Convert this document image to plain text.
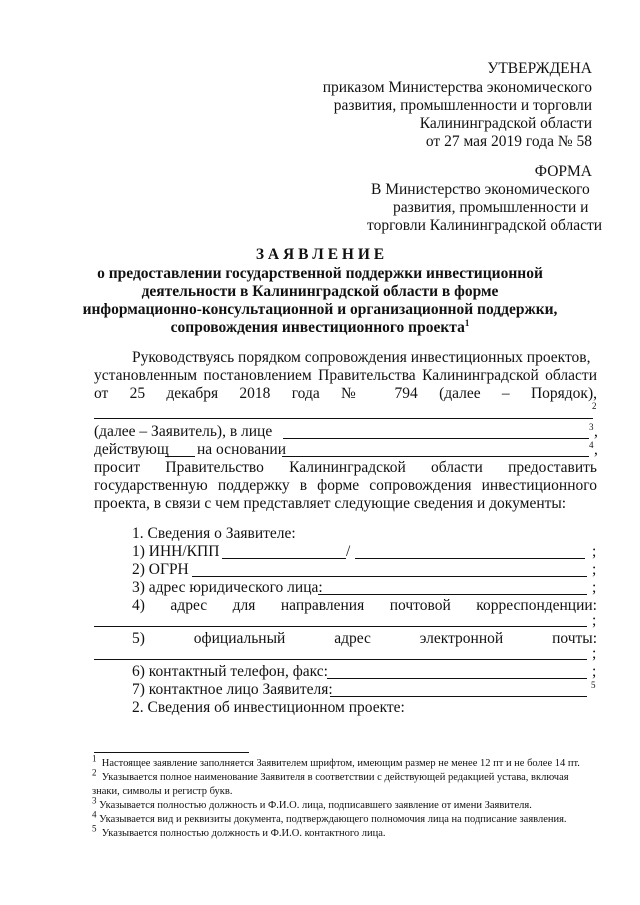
УТВЕРЖДЕНА
приказом Министерства экономического
развития, промышленности и торговли
Калининградской области
от 27 мая 2019 года № 58
ФОРМА
В Министерство экономического
развития, промышленности и
торговли Калининградской области
З А Я В Л Е Н И Е
о предоставлении государственной поддержки инвестиционной
деятельности в Калининградской области в форме
информационно-консультационной и организационной поддержки,
сопровождения инвестиционного проекта$^1$
Руководствуясь порядком сопровождения инвестиционных проектов,
установленным постановлением Правительства Калининградской области
от 25 декабря 2018 года № 794 (далее – Порядок),
2
(далее – Заявитель), в лице	3 ,
действующ на основании	4 ,
просит Правительство Калининградской области предоставить
государственную поддержку в форме сопровождения инвестиционного
проекта, в связи с чем представляет следующие сведения и документы:
1. Сведения о Заявителе:
1) ИНН/КПП	/	;
2) ОГРН	;
3) адрес юридического лица:	;
4) адрес для направления почтовой корреспонденции:
;
5) официальный адрес электронной почты:
;
6) контактный телефон, факс:	;
7) контактное лицо Заявителя:	5
2. Сведения об инвестиционном проекте:
1 Настоящее заявление заполняется Заявителем шрифтом, имеющим размер не менее 12 пт и не более 14 пт.
2 Указывается полное наименование Заявителя в соответствии с действующей редакцией устава, включая
знаки, символы и регистр букв.
3 Указывается полностью должность и Ф.И.О. лица, подписавшего заявление от имени Заявителя.
4 Указывается вид и реквизиты документа, подтверждающего полномочия лица на подписание заявления.
5 Указывается полностью должность и Ф.И.О. контактного лица.
